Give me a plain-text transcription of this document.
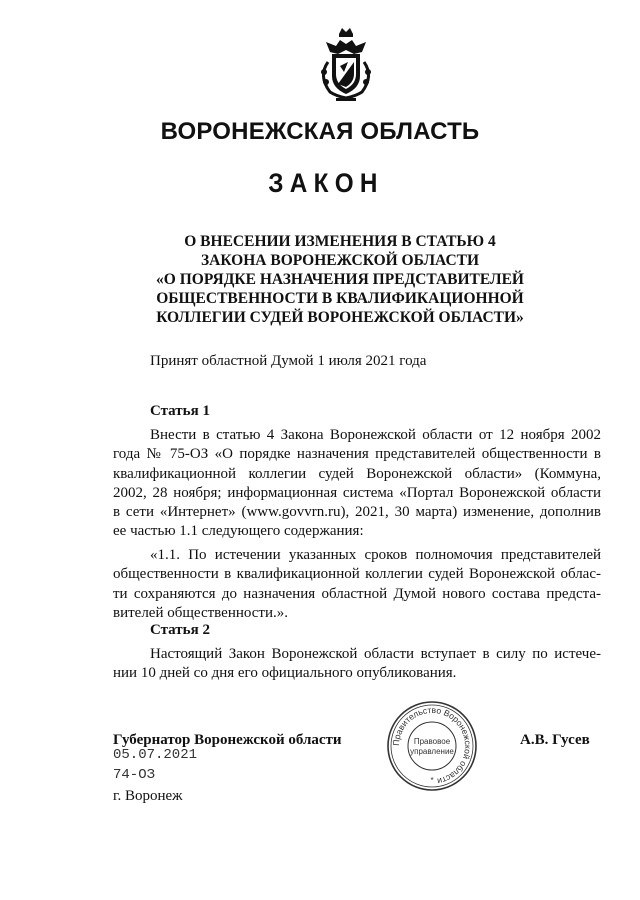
ВОРОНЕЖСКАЯ ОБЛАСТЬ
ЗАКОН
О ВНЕСЕНИИ ИЗМЕНЕНИЯ В СТАТЬЮ 4
ЗАКОНА ВОРОНЕЖСКОЙ ОБЛАСТИ
«О ПОРЯДКЕ НАЗНАЧЕНИЯ ПРЕДСТАВИТЕЛЕЙ
ОБЩЕСТВЕННОСТИ В КВАЛИФИКАЦИОННОЙ
КОЛЛЕГИИ СУДЕЙ ВОРОНЕЖСКОЙ ОБЛАСТИ»
Принят областной Думой 1 июля 2021 года
Статья 1
Внести в статью 4 Закона Воронежской области от 12 ноября 2002
года № 75-ОЗ «О порядке назначения представителей общественности в
квалификационной коллегии судей Воронежской области» (Коммуна,
2002, 28 ноября; информационная система «Портал Воронежской области
в сети «Интернет» (www.govvrn.ru), 2021, 30 марта) изменение, дополнив
ее частью 1.1 следующего содержания:
«1.1. По истечении указанных сроков полномочия представителей
общественности в квалификационной коллегии судей Воронежской облас-
ти сохраняются до назначения областной Думой нового состава предста-
вителей общественности.».
Статья 2
Настоящий Закон Воронежской области вступает в силу по истече-
нии 10 дней со дня его официального опубликования.
Губернатор Воронежской области	А.В. Гусев
05.07.2021
74-ОЗ
г. Воронеж
Правительство Воронежской области
Правовое
управление
*
